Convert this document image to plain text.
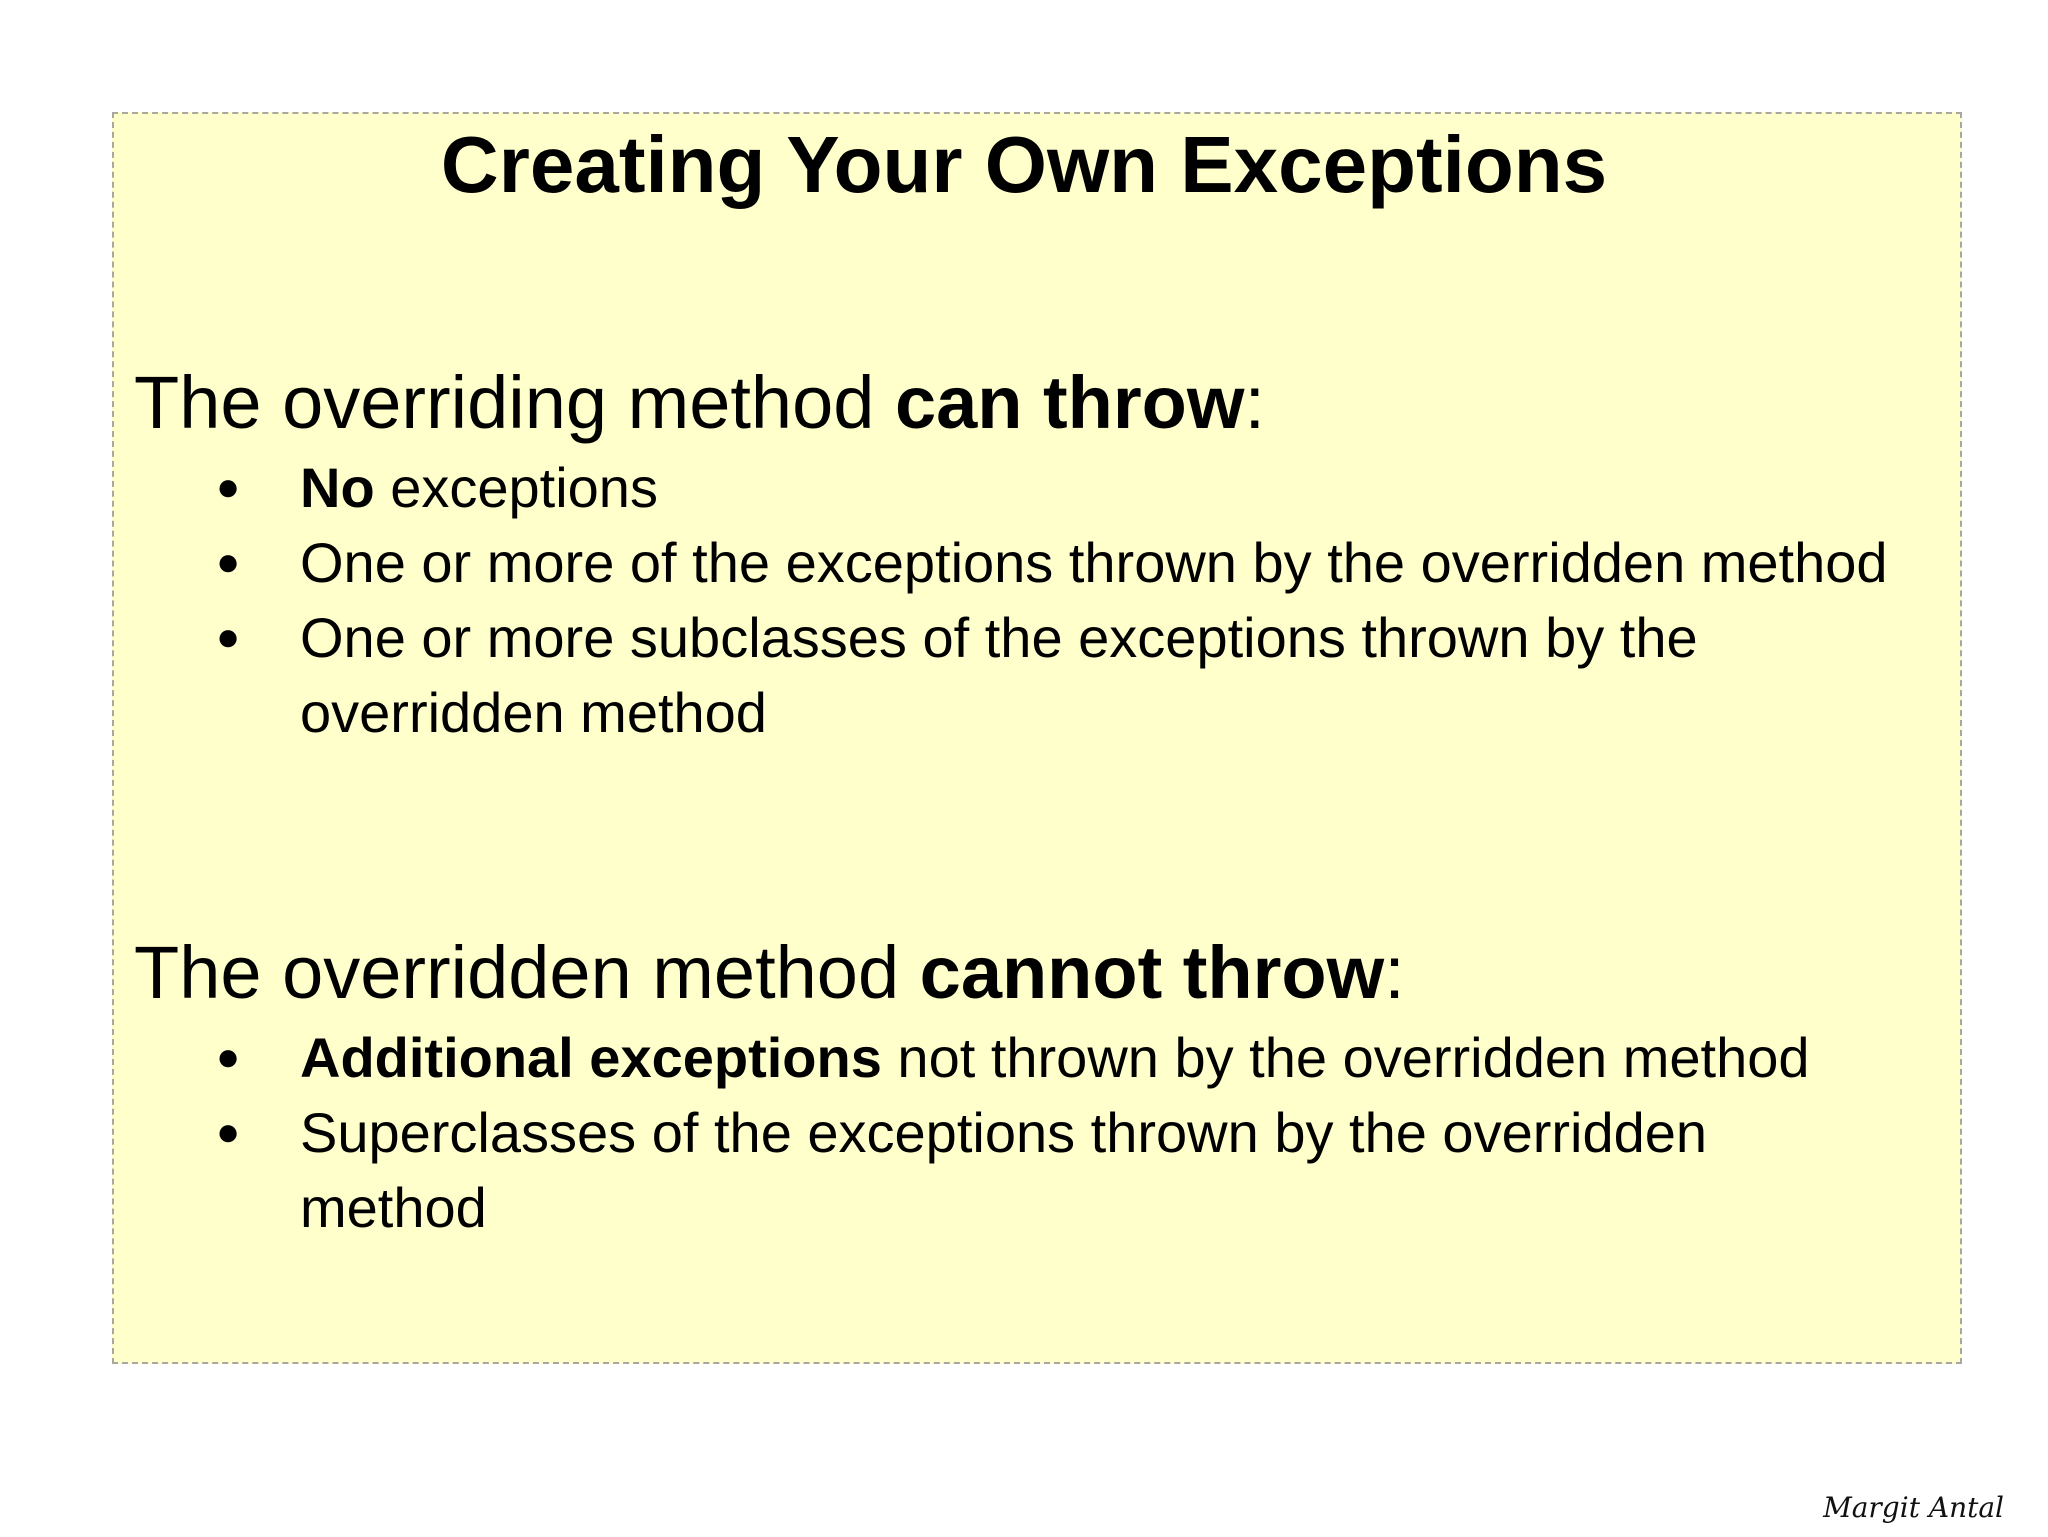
Creating Your Own Exceptions

The overriding method can throw:

● No exceptions
● One or more of the exceptions thrown by the overridden method
● One or more subclasses of the exceptions thrown by the overridden method

The overridden method cannot throw:

● Additional exceptions not thrown by the overridden method
● Superclasses of the exceptions thrown by the overridden method
Margit Antal
